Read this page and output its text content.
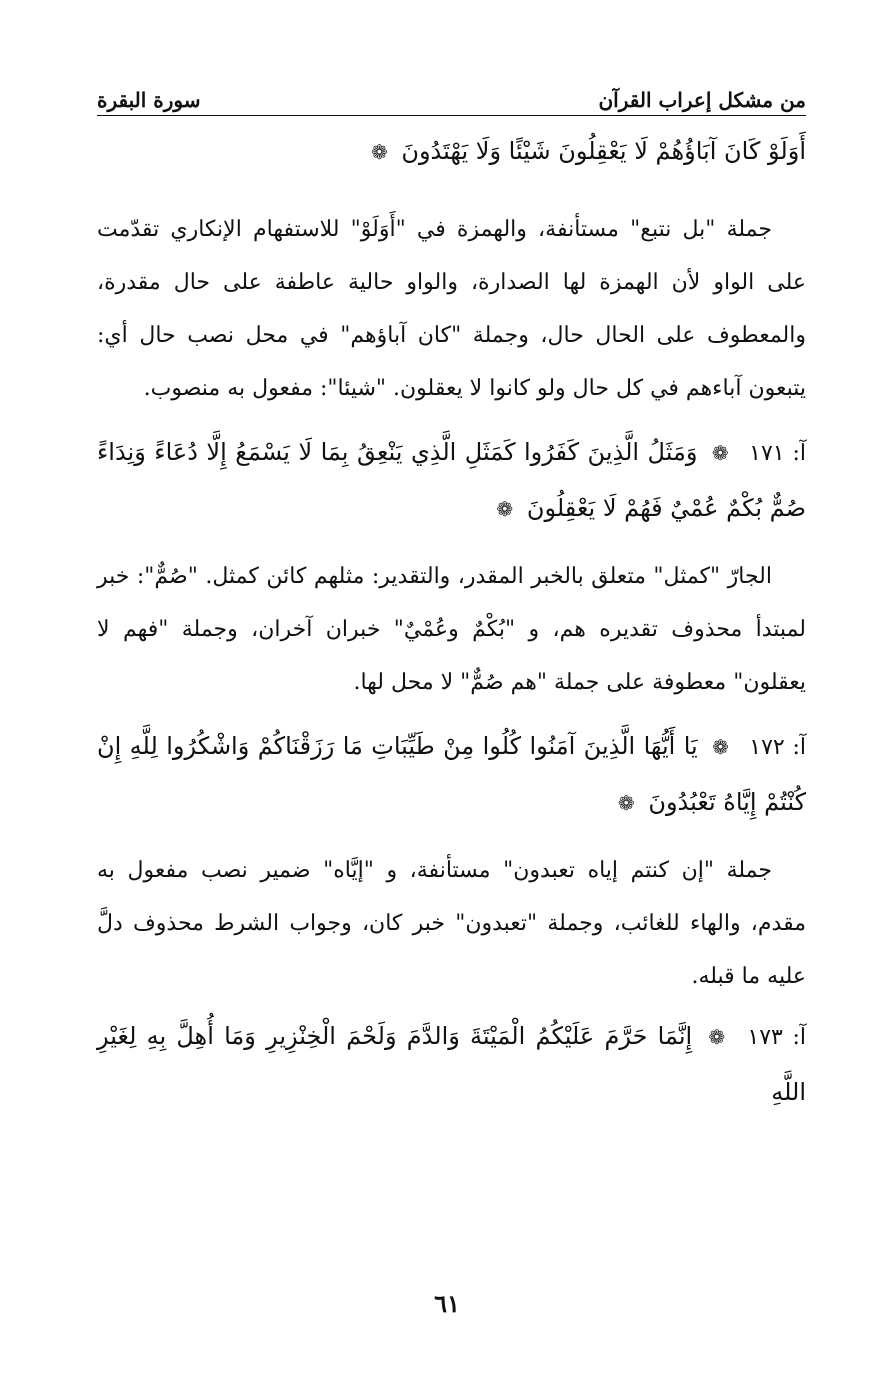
من مشكل إعراب القرآن
سورة البقرة
أَوَلَوْ كَانَ آبَاؤُهُمْ لَا يَعْقِلُونَ شَيْئًا وَلَا يَهْتَدُونَ ❁
جملة "بل نتبع" مستأنفة، والهمزة في "أَوَلَوْ" للاستفهام الإنكاري تقدّمت على الواو لأن الهمزة لها الصدارة، والواو حالية عاطفة على حال مقدرة، والمعطوف على الحال حال، وجملة "كان آباؤهم" في محل نصب حال أي: يتبعون آباءهم في كل حال ولو كانوا لا يعقلون. "شيئا": مفعول به منصوب.
آ: ١٧١ ❁ وَمَثَلُ الَّذِينَ كَفَرُوا كَمَثَلِ الَّذِي يَنْعِقُ بِمَا لَا يَسْمَعُ إِلَّا دُعَاءً وَنِدَاءً صُمٌّ بُكْمٌ عُمْيٌ فَهُمْ لَا يَعْقِلُونَ ❁
الجارّ "كمثل" متعلق بالخبر المقدر، والتقدير: مثلهم كائن كمثل. "صُمٌّ": خبر لمبتدأ محذوف تقديره هم، و "بُكْمٌ وعُمْيٌ" خبران آخران، وجملة "فهم لا يعقلون" معطوفة على جملة "هم صُمٌّ" لا محل لها.
آ: ١٧٢ ❁ يَا أَيُّهَا الَّذِينَ آمَنُوا كُلُوا مِنْ طَيِّبَاتِ مَا رَزَقْنَاكُمْ وَاشْكُرُوا لِلَّهِ إِنْ كُنْتُمْ إِيَّاهُ تَعْبُدُونَ ❁
جملة "إن كنتم إياه تعبدون" مستأنفة، و "إيَّاه" ضمير نصب مفعول به مقدم، والهاء للغائب، وجملة "تعبدون" خبر كان، وجواب الشرط محذوف دلَّ عليه ما قبله.
آ: ١٧٣ ❁ إِنَّمَا حَرَّمَ عَلَيْكُمُ الْمَيْتَةَ وَالدَّمَ وَلَحْمَ الْخِنْزِيرِ وَمَا أُهِلَّ بِهِ لِغَيْرِ اللَّهِ
٦١
